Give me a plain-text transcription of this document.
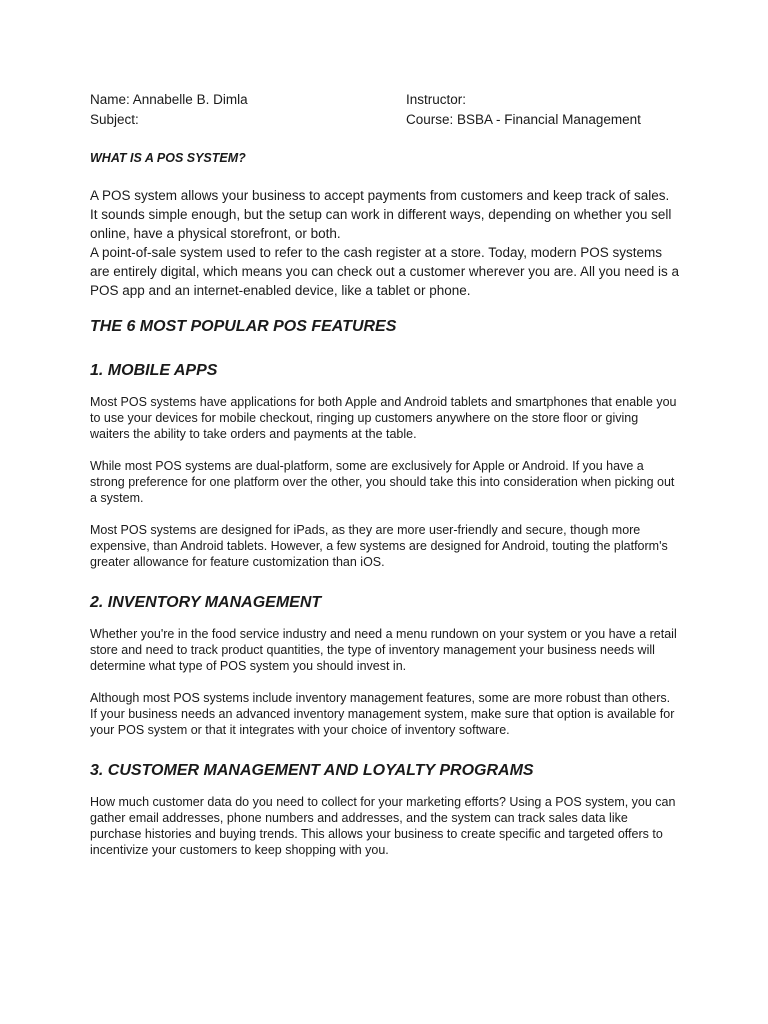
Name: Annabelle B. Dimla	Instructor:
Subject:	Course: BSBA - Financial Management
WHAT IS A POS SYSTEM?

A POS system allows your business to accept payments from customers and keep track of sales. It sounds simple enough, but the setup can work in different ways, depending on whether you sell online, have a physical storefront, or both.

A point-of-sale system used to refer to the cash register at a store. Today, modern POS systems are entirely digital, which means you can check out a customer wherever you are. All you need is a POS app and an internet-enabled device, like a tablet or phone.

THE 6 MOST POPULAR POS FEATURES
1. MOBILE APPS

Most POS systems have applications for both Apple and Android tablets and smartphones that enable you to use your devices for mobile checkout, ringing up customers anywhere on the store floor or giving waiters the ability to take orders and payments at the table.

While most POS systems are dual-platform, some are exclusively for Apple or Android. If you have a strong preference for one platform over the other, you should take this into consideration when picking out a system.

Most POS systems are designed for iPads, as they are more user-friendly and secure, though more expensive, than Android tablets. However, a few systems are designed for Android, touting the platform's greater allowance for feature customization than iOS.

2. INVENTORY MANAGEMENT

Whether you're in the food service industry and need a menu rundown on your system or you have a retail store and need to track product quantities, the type of inventory management your business needs will determine what type of POS system you should invest in.

Although most POS systems include inventory management features, some are more robust than others. If your business needs an advanced inventory management system, make sure that option is available for your POS system or that it integrates with your choice of inventory software.

3. CUSTOMER MANAGEMENT AND LOYALTY PROGRAMS

How much customer data do you need to collect for your marketing efforts? Using a POS system, you can gather email addresses, phone numbers and addresses, and the system can track sales data like purchase histories and buying trends. This allows your business to create specific and targeted offers to incentivize your customers to keep shopping with you.
